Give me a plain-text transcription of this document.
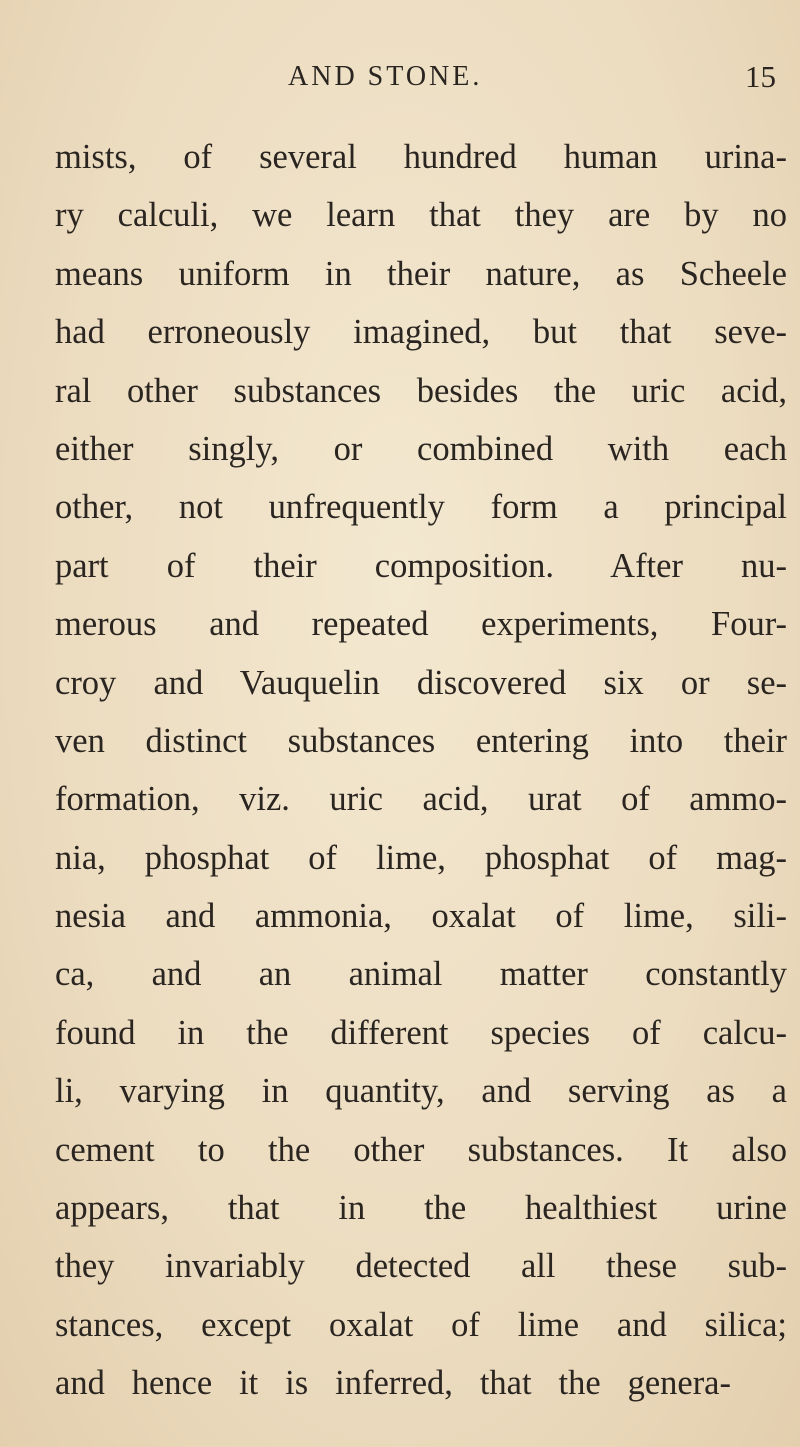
AND STONE.	15
mists, of several hundred human urina-
ry calculi, we learn that they are by no
means uniform in their nature, as Scheele
had erroneously imagined, but that seve-
ral other substances besides the uric acid,
either singly, or combined with each
other, not unfrequently form a principal
part of their composition. After nu-
merous and repeated experiments, Four-
croy and Vauquelin discovered six or se-
ven distinct substances entering into their
formation, viz. uric acid, urat of ammo-
nia, phosphat of lime, phosphat of mag-
nesia and ammonia, oxalat of lime, sili-
ca, and an animal matter constantly
found in the different species of calcu-
li, varying in quantity, and serving as a
cement to the other substances. It also
appears, that in the healthiest urine
they invariably detected all these sub-
stances, except oxalat of lime and silica;
and hence it is inferred, that the genera-
